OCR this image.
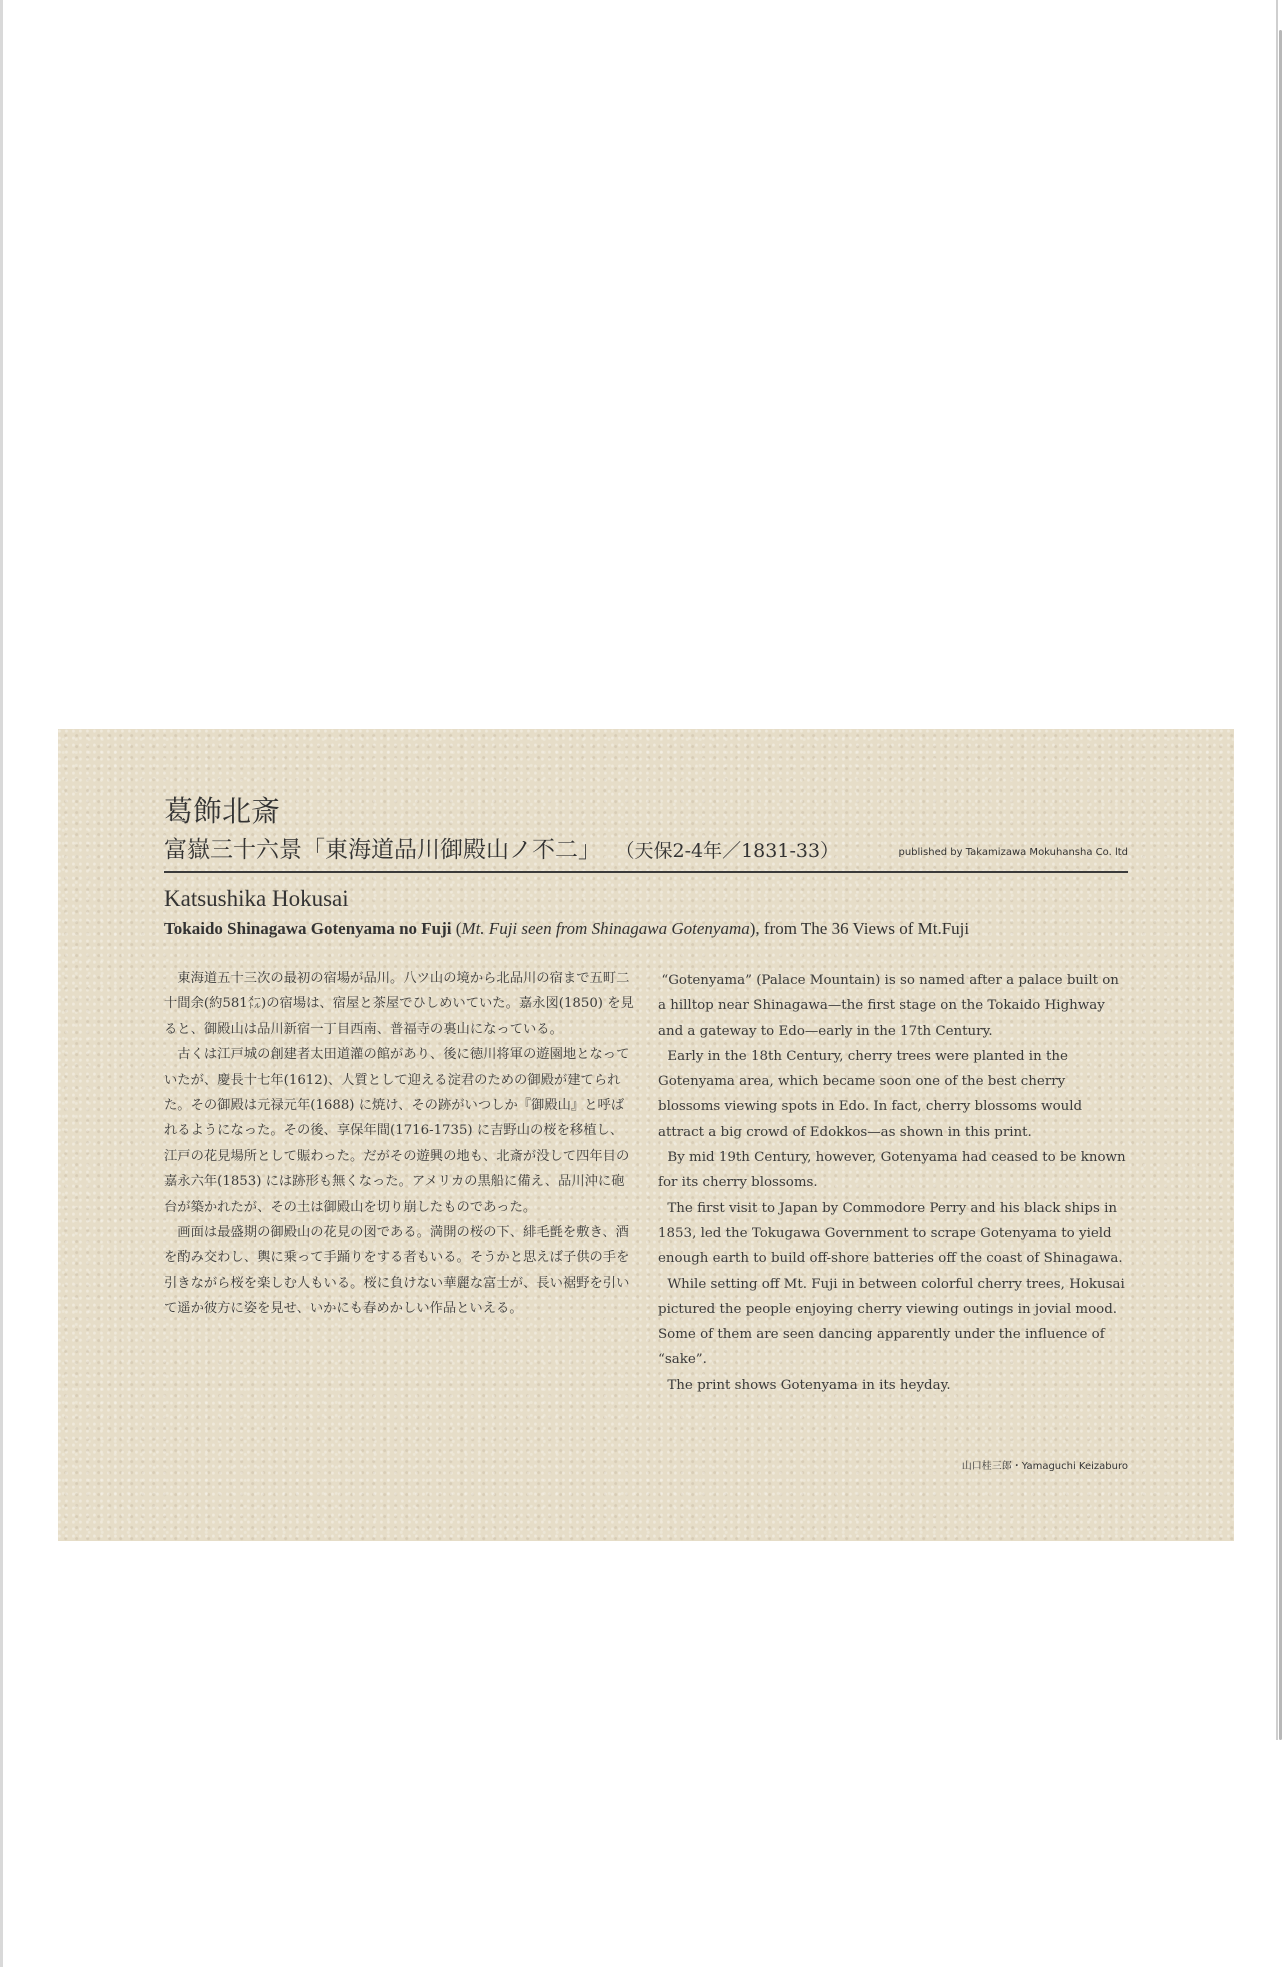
葛飾北斎
富嶽三十六景「東海道品川御殿山ノ不二」 （天保2-4年／1831-33）	published by Takamizawa Mokuhansha Co. ltd
Katsushika Hokusai
Tokaido Shinagawa Gotenyama no Fuji (Mt. Fuji seen from Shinagawa Gotenyama), from The 36 Views of Mt.Fuji

東海道五十三次の最初の宿場が品川。八ツ山の境から北品川の宿まで五町二十間余(約581㍍)の宿場は、宿屋と茶屋でひしめいていた。嘉永図(1850) を見ると、御殿山は品川新宿一丁目西南、普福寺の裏山になっている。

古くは江戸城の創建者太田道灌の館があり、後に徳川将軍の遊園地となっていたが、慶長十七年(1612)、人質として迎える淀君のための御殿が建てられた。その御殿は元禄元年(1688) に焼け、その跡がいつしか『御殿山』と呼ばれるようになった。その後、享保年間(1716-1735) に吉野山の桜を移植し、江戸の花見場所として賑わった。だがその遊興の地も、北斎が没して四年目の嘉永六年(1853) には跡形も無くなった。アメリカの黒船に備え、品川沖に砲台が築かれたが、その土は御殿山を切り崩したものであった。

画面は最盛期の御殿山の花見の図である。満開の桜の下、緋毛氈を敷き、酒を酌み交わし、輿に乗って手踊りをする者もいる。そうかと思えば子供の手を引きながら桜を楽しむ人もいる。桜に負けない華麗な富士が、長い裾野を引いて遥か彼方に姿を見せ、いかにも春めかしい作品といえる。

“Gotenyama” (Palace Mountain) is so named after a palace built on a hilltop near Shinagawa—the first stage on the Tokaido Highway and a gateway to Edo—early in the 17th Century.

Early in the 18th Century, cherry trees were planted in the Gotenyama area, which became soon one of the best cherry blossoms viewing spots in Edo. In fact, cherry blossoms would attract a big crowd of Edokkos—as shown in this print.

By mid 19th Century, however, Gotenyama had ceased to be known for its cherry blossoms.

The first visit to Japan by Commodore Perry and his black ships in 1853, led the Tokugawa Government to scrape Gotenyama to yield enough earth to build off-shore batteries off the coast of Shinagawa.

While setting off Mt. Fuji in between colorful cherry trees, Hokusai pictured the people enjoying cherry viewing outings in jovial mood. Some of them are seen dancing apparently under the influence of “sake”.

The print shows Gotenyama in its heyday.

山口桂三郎・Yamaguchi Keizaburo
